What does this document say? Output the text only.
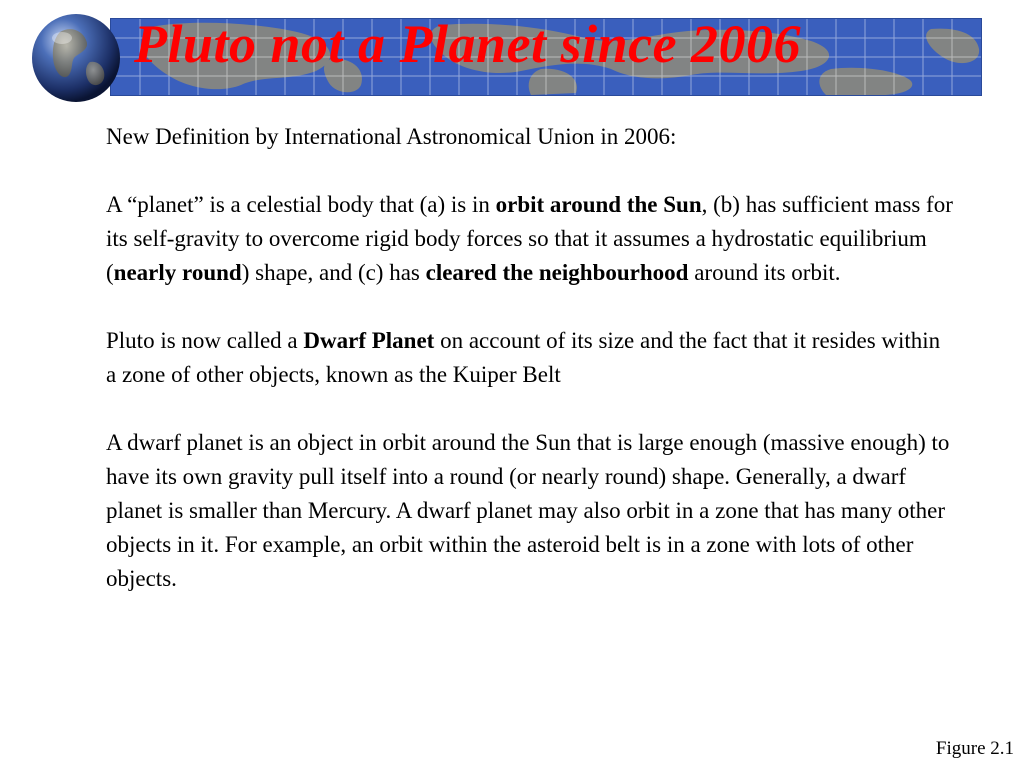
Pluto not a Planet since 2006

New Definition by International Astronomical Union in 2006:

A “planet” is a celestial body that (a) is in orbit around the Sun, (b) has sufficient mass for its self-gravity to overcome rigid body forces so that it assumes a hydrostatic equilibrium (nearly round) shape, and (c) has cleared the neighbourhood around its orbit.

Pluto is now called a Dwarf Planet on account of its size and the fact that it resides within a zone of other objects, known as the Kuiper Belt

A dwarf planet is an object in orbit around the Sun that is large enough (massive enough) to have its own gravity pull itself into a round (or nearly round) shape. Generally, a dwarf planet is smaller than Mercury. A dwarf planet may also orbit in a zone that has many other objects in it. For example, an orbit within the asteroid belt is in a zone with lots of other objects.

Figure 2.1
